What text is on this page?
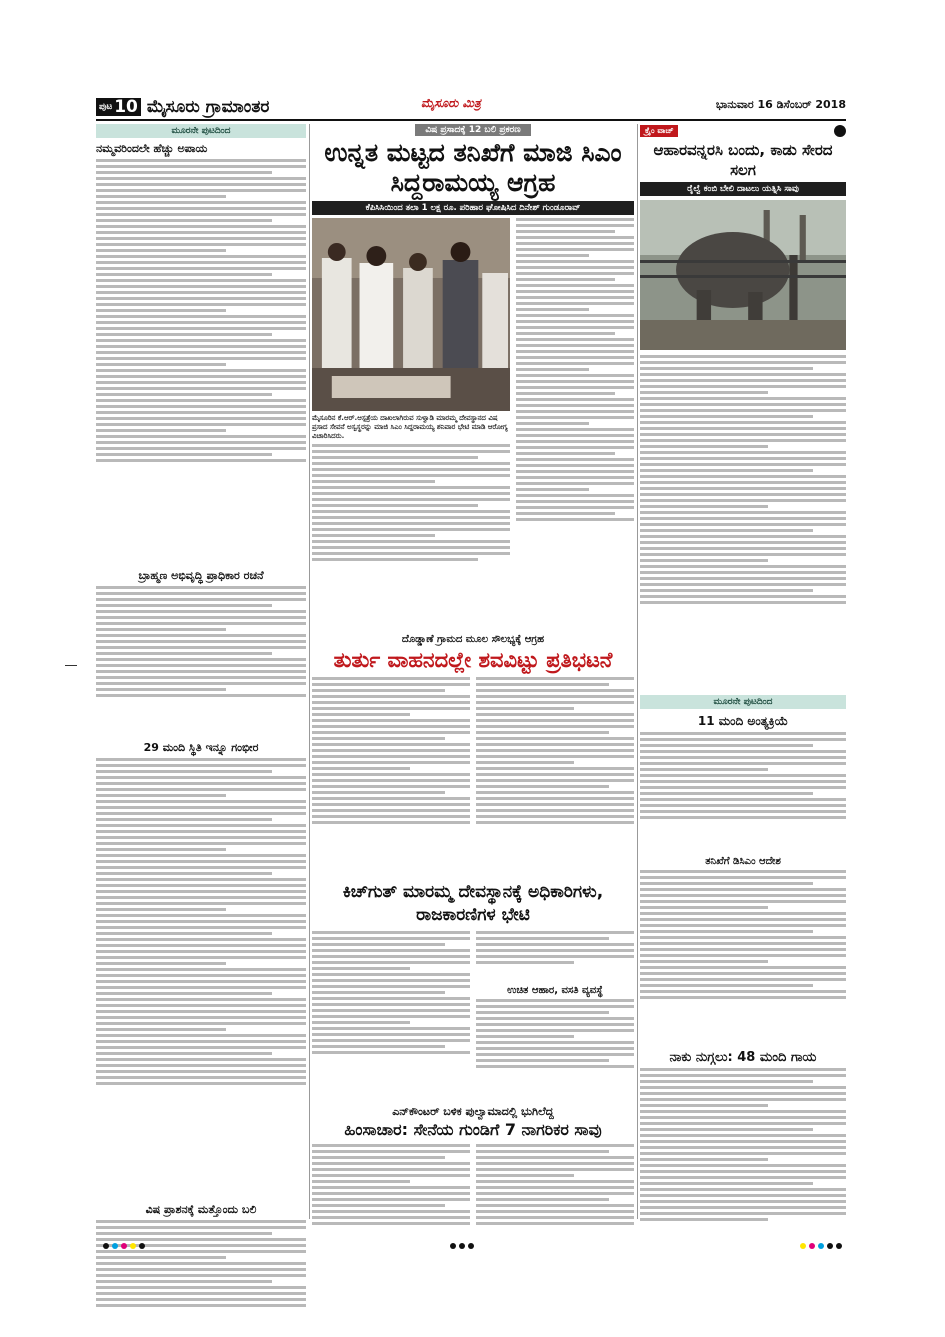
ಪುಟ 10 ಮೈಸೂರು ಗ್ರಾಮಾಂತರ	ಮೈಸೂರು ಮಿತ್ರ	ಭಾನುವಾರ 16 ಡಿಸೆಂಬರ್ 2018
ಮೂರನೇ ಪುಟದಿಂದ
ನಮ್ಮವರಿಂದಲೇ ಹೆಚ್ಚು ಅಪಾಯ
ಬ್ರಾಹ್ಮಣ ಅಭಿವೃದ್ಧಿ ಪ್ರಾಧಿಕಾರ ರಚನೆ
29 ಮಂದಿ ಸ್ಥಿತಿ ಇನ್ನೂ ಗಂಭೀರ
ವಿಷ ಪ್ರಾಶನಕ್ಕೆ ಮತ್ತೊಂದು ಬಲಿ
ವಿಷ ಪ್ರಸಾದಕ್ಕೆ 12 ಬಲಿ ಪ್ರಕರಣ
ಉನ್ನತ ಮಟ್ಟದ ತನಿಖೆಗೆ ಮಾಜಿ ಸಿಎಂ ಸಿದ್ದರಾಮಯ್ಯ ಆಗ್ರಹ
ಕೆಪಿಸಿಸಿಯಿಂದ ತಲಾ 1 ಲಕ್ಷ ರೂ. ಪರಿಹಾರ ಘೋಷಿಸಿದ ದಿನೇಶ್ ಗುಂಡೂರಾವ್
ಮೈಸೂರಿನ ಕೆ.ಆರ್.ಆಸ್ಪತ್ರೆಯ ದಾಖಲಾಗಿರುವ ಸುಳ್ವಾಡಿ ಮಾರಮ್ಮ ದೇವಸ್ಥಾನದ ವಿಷ ಪ್ರಸಾದ ಸೇವನೆ ಅಸ್ವಸ್ಥರನ್ನು ಮಾಜಿ ಸಿಎಂ ಸಿದ್ದರಾಮಯ್ಯ ಶನಿವಾರ ಭೇಟಿ ಮಾಡಿ ಆರೋಗ್ಯ ವಿಚಾರಿಸಿದರು.
ದೊಡ್ಡಾಣೆ ಗ್ರಾಮದ ಮೂಲ ಸೌಲಭ್ಯಕ್ಕೆ ಆಗ್ರಹ
ತುರ್ತು ವಾಹನದಲ್ಲೇ ಶವವಿಟ್ಟು ಪ್ರತಿಭಟನೆ
ಕಿಚ್‌ಗುತ್ ಮಾರಮ್ಮ ದೇವಸ್ಥಾನಕ್ಕೆ ಅಧಿಕಾರಿಗಳು, ರಾಜಕಾರಣಿಗಳ ಭೇಟಿ
ಉಚಿತ ಆಹಾರ, ವಸತಿ ವ್ಯವಸ್ಥೆ
ಎನ್‌ಕೌಂಟರ್ ಬಳಿಕ ಪುಲ್ವಾಮಾದಲ್ಲಿ ಭುಗಿಲೆದ್ದ
ಹಿಂಸಾಚಾರ: ಸೇನೆಯ ಗುಂಡಿಗೆ 7 ನಾಗರಿಕರ ಸಾವು
ಕ್ರೈಂ ವಾಚ್
ಆಹಾರವನ್ನರಸಿ ಬಂದು, ಕಾಡು ಸೇರದ ಸಲಗ
ರೈಲ್ವೆ ಕಂಬಿ ಬೇಲಿ ದಾಟಲು ಯತ್ನಿಸಿ ಸಾವು
ಮೂರನೇ ಪುಟದಿಂದ
11 ಮಂದಿ ಅಂತ್ಯಕ್ರಿಯೆ
ತನಿಖೆಗೆ ಡಿಸಿಎಂ ಆದೇಶ
ನಾಕು ನುಗ್ಗಲು: 48 ಮಂದಿ ಗಾಯ
